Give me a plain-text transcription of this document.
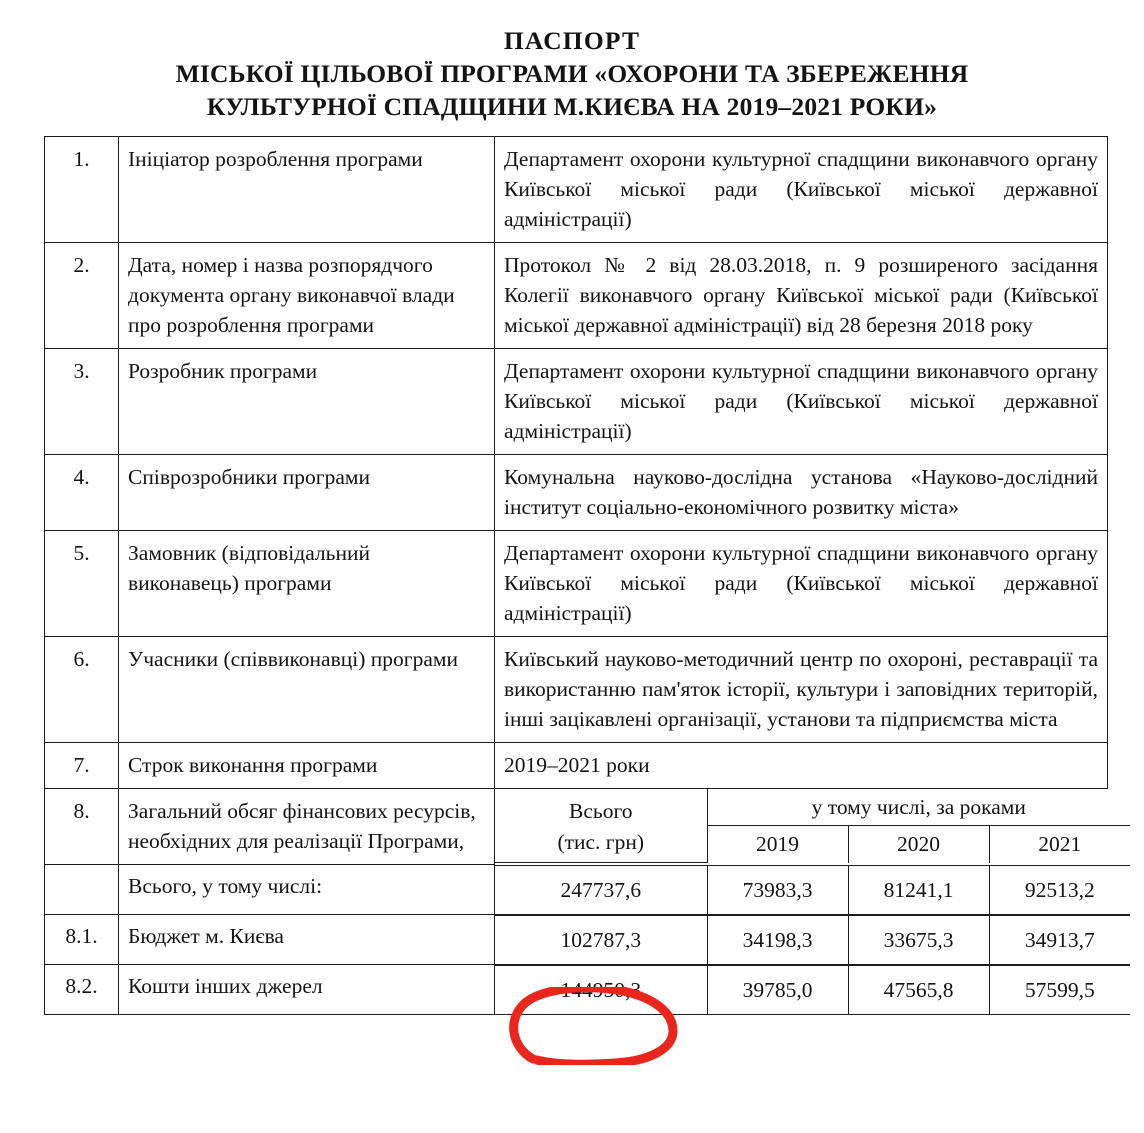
ПАСПОРТ
МІСЬКОЇ ЦІЛЬОВОЇ ПРОГРАМИ «ОХОРОНИ ТА ЗБЕРЕЖЕННЯ
КУЛЬТУРНОЇ СПАДЩИНИ М.КИЄВА НА 2019–2021 РОКИ»
1.	Ініціатор розроблення програми	Департамент охорони культурної спадщини виконавчого органу Київської міської ради (Київської міської державної адміністрації)
2.	Дата, номер і назва розпорядчого документа органу виконавчої влади про розроблення програми	Протокол № 2 від 28.03.2018, п. 9 розширеного засідання Колегії виконавчого органу Київської міської ради (Київської міської державної адміністрації) від 28 березня 2018 року
3.	Розробник програми	Департамент охорони культурної спадщини виконавчого органу Київської міської ради (Київської міської державної адміністрації)
4.	Співрозробники програми	Комунальна науково-дослідна установа «Науково-дослідний інститут соціально-економічного розвитку міста»
5.	Замовник (відповідальний виконавець) програми	Департамент охорони культурної спадщини виконавчого органу Київської міської ради (Київської міської державної адміністрації)
6.	Учасники (співвиконавці) програми	Київський науково-методичний центр по охороні, реставрації та використанню пам'яток історії, культури і заповідних територій, інші зацікавлені організації, установи та підприємства міста
7.	Строк виконання програми	2019–2021 роки
8.	Загальний обсяг фінансових ресурсів, необхідних для реалізації Програми,	
Всього
(тис. грн)
	у тому числі, за роками
2019	2020	2021

	Всього, у тому числі:		247737,6	73983,3	81241,1	92513,2

8.1.	Бюджет м. Києва		102787,3	34198,3	33675,3	34913,7

8.2.	Кошти інших джерел		144950,3	39785,0	47565,8	57599,5
